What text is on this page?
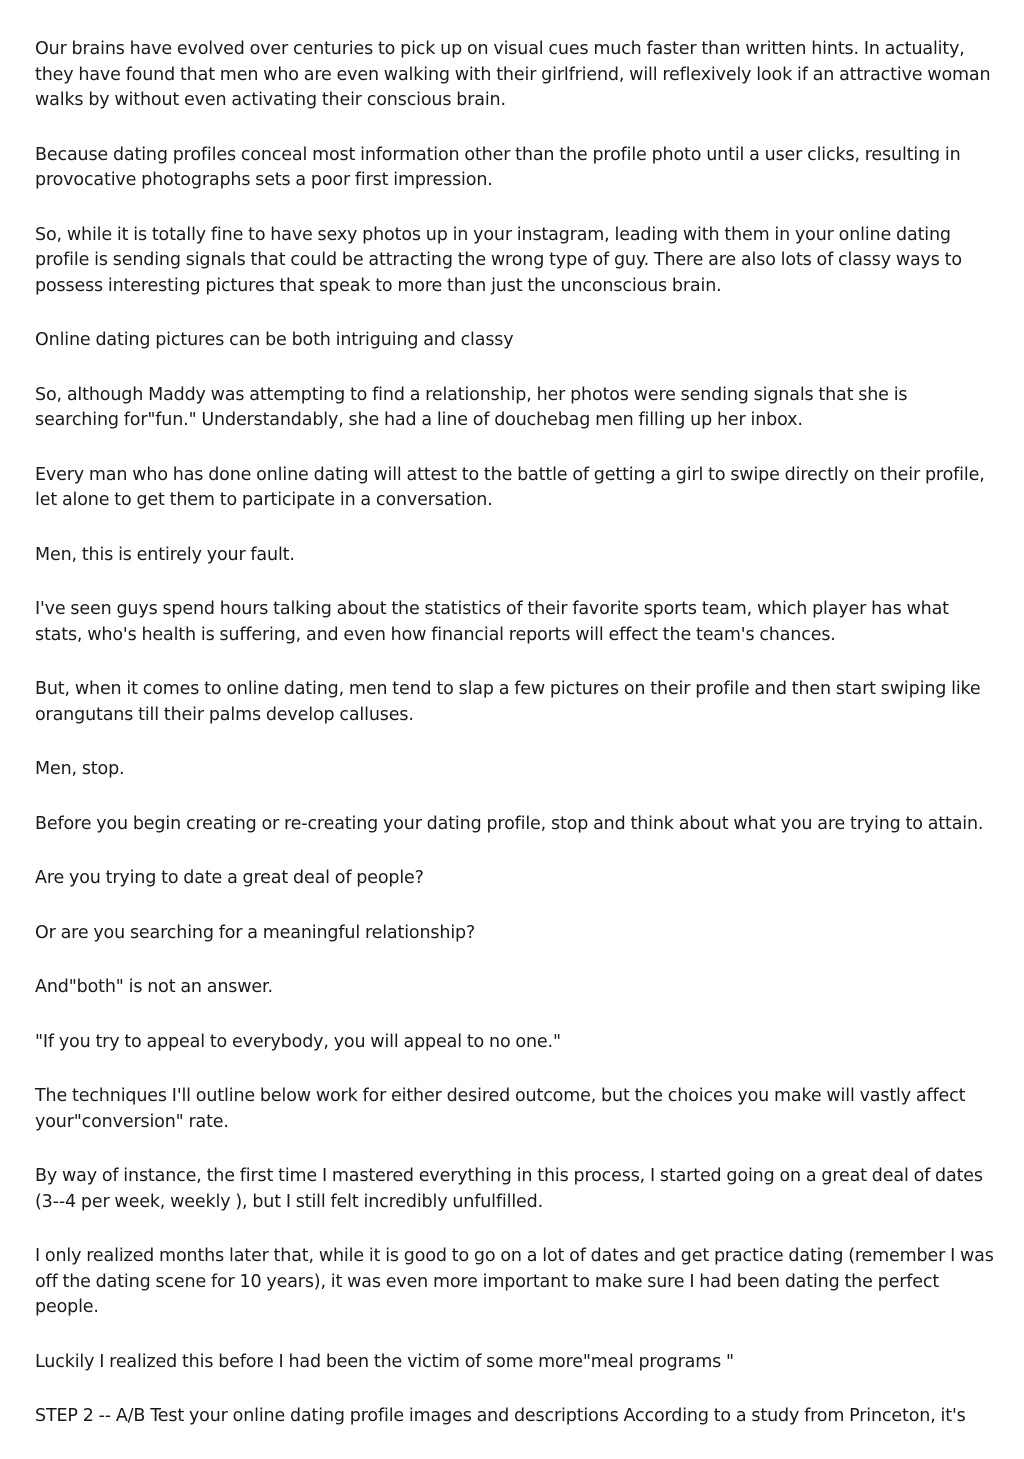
Our brains have evolved over centuries to pick up on visual cues much faster than written hints. In actuality, they have found that men who are even walking with their girlfriend, will reflexively look if an attractive woman walks by without even activating their conscious brain.

Because dating profiles conceal most information other than the profile photo until a user clicks, resulting in provocative photographs sets a poor first impression.

So, while it is totally fine to have sexy photos up in your instagram, leading with them in your online dating profile is sending signals that could be attracting the wrong type of guy. There are also lots of classy ways to possess interesting pictures that speak to more than just the unconscious brain.

Online dating pictures can be both intriguing and classy

So, although Maddy was attempting to find a relationship, her photos were sending signals that she is searching for"fun." Understandably, she had a line of douchebag men filling up her inbox.

Every man who has done online dating will attest to the battle of getting a girl to swipe directly on their profile, let alone to get them to participate in a conversation.

Men, this is entirely your fault.

I've seen guys spend hours talking about the statistics of their favorite sports team, which player has what stats, who's health is suffering, and even how financial reports will effect the team's chances.

But, when it comes to online dating, men tend to slap a few pictures on their profile and then start swiping like orangutans till their palms develop calluses.

Men, stop.

Before you begin creating or re-creating your dating profile, stop and think about what you are trying to attain.

Are you trying to date a great deal of people?

Or are you searching for a meaningful relationship?

And"both" is not an answer.

"If you try to appeal to everybody, you will appeal to no one."

The techniques I'll outline below work for either desired outcome, but the choices you make will vastly affect your"conversion" rate.

By way of instance, the first time I mastered everything in this process, I started going on a great deal of dates (3--4 per week, weekly ), but I still felt incredibly unfulfilled.

I only realized months later that, while it is good to go on a lot of dates and get practice dating (remember I was off the dating scene for 10 years), it was even more important to make sure I had been dating the perfect people.

Luckily I realized this before I had been the victim of some more"meal programs "

STEP 2 -- A/B Test your online dating profile images and descriptions According to a study from Princeton, it's
